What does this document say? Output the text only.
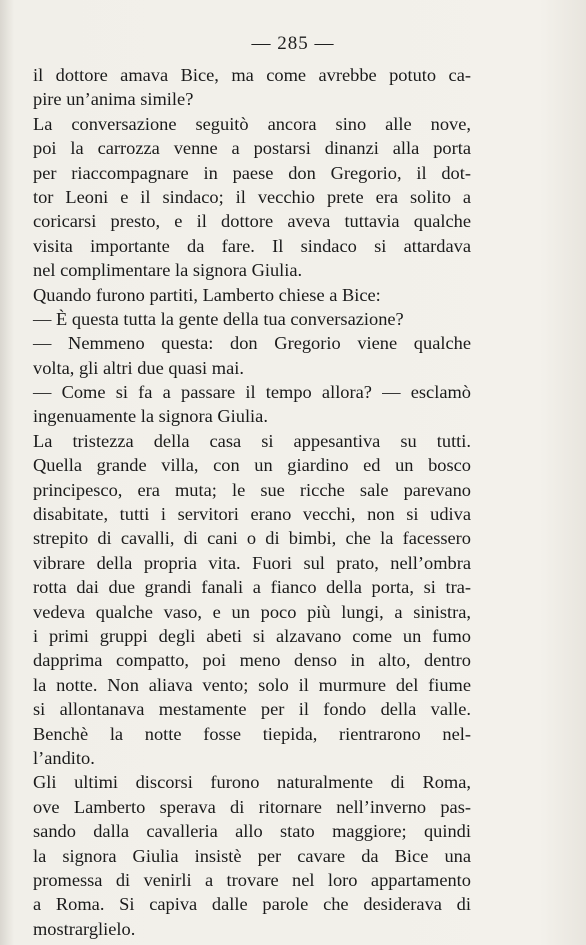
— 285 —
il dottore amava Bice, ma come avrebbe potuto ca-
pire un’anima simile?
La conversazione seguitò ancora sino alle nove,
poi la carrozza venne a postarsi dinanzi alla porta
per riaccompagnare in paese don Gregorio, il dot-
tor Leoni e il sindaco; il vecchio prete era solito a
coricarsi presto, e il dottore aveva tuttavia qualche
visita importante da fare. Il sindaco si attardava
nel complimentare la signora Giulia.
Quando furono partiti, Lamberto chiese a Bice:
— È questa tutta la gente della tua conversazione?
— Nemmeno questa: don Gregorio viene qualche
volta, gli altri due quasi mai.
— Come si fa a passare il tempo allora? — esclamò
ingenuamente la signora Giulia.
La tristezza della casa si appesantiva su tutti.
Quella grande villa, con un giardino ed un bosco
principesco, era muta; le sue ricche sale parevano
disabitate, tutti i servitori erano vecchi, non si udiva
strepito di cavalli, di cani o di bimbi, che la facessero
vibrare della propria vita. Fuori sul prato, nell’ombra
rotta dai due grandi fanali a fianco della porta, si tra-
vedeva qualche vaso, e un poco più lungi, a sinistra,
i primi gruppi degli abeti si alzavano come un fumo
dapprima compatto, poi meno denso in alto, dentro
la notte. Non aliava vento; solo il murmure del fiume
si allontanava mestamente per il fondo della valle.
Benchè la notte fosse tiepida, rientrarono nel-
l’andito.
Gli ultimi discorsi furono naturalmente di Roma,
ove Lamberto sperava di ritornare nell’inverno pas-
sando dalla cavalleria allo stato maggiore; quindi
la signora Giulia insistè per cavare da Bice una
promessa di venirli a trovare nel loro appartamento
a Roma. Si capiva dalle parole che desiderava di
mostrarglielo.
